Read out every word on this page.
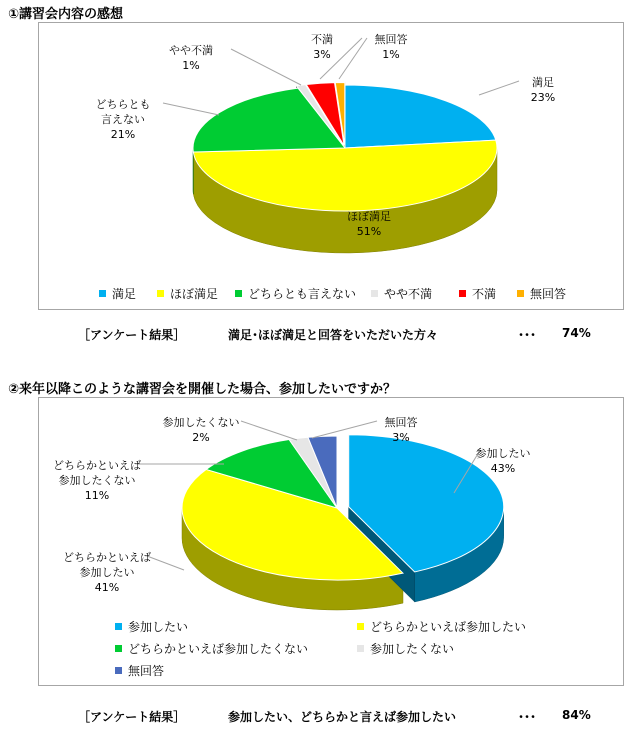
①講習会内容の感想
満足
23%
ほぼ満足
51%
どちらとも
言えない
21%
やや不満
1%
不満
3%
無回答
1%
満足	ほぼ満足	どちらとも言えない	やや不満	不満	無回答
［アンケート結果］	満足･ほぼ満足と回答をいただいた方々	･･･ 74%
②来年以降このような講習会を開催した場合、参加したいですか？
参加したい
43%
どちらかといえば
参加したい
41%
どちらかといえば
参加したくない
11%
参加したくない
2%
無回答
3%
参加したい	どちらかといえば参加したい
どちらかといえば参加したくない	参加したくない
無回答
［アンケート結果］	参加したい、どちらかと言えば参加したい	･･･ 84%
